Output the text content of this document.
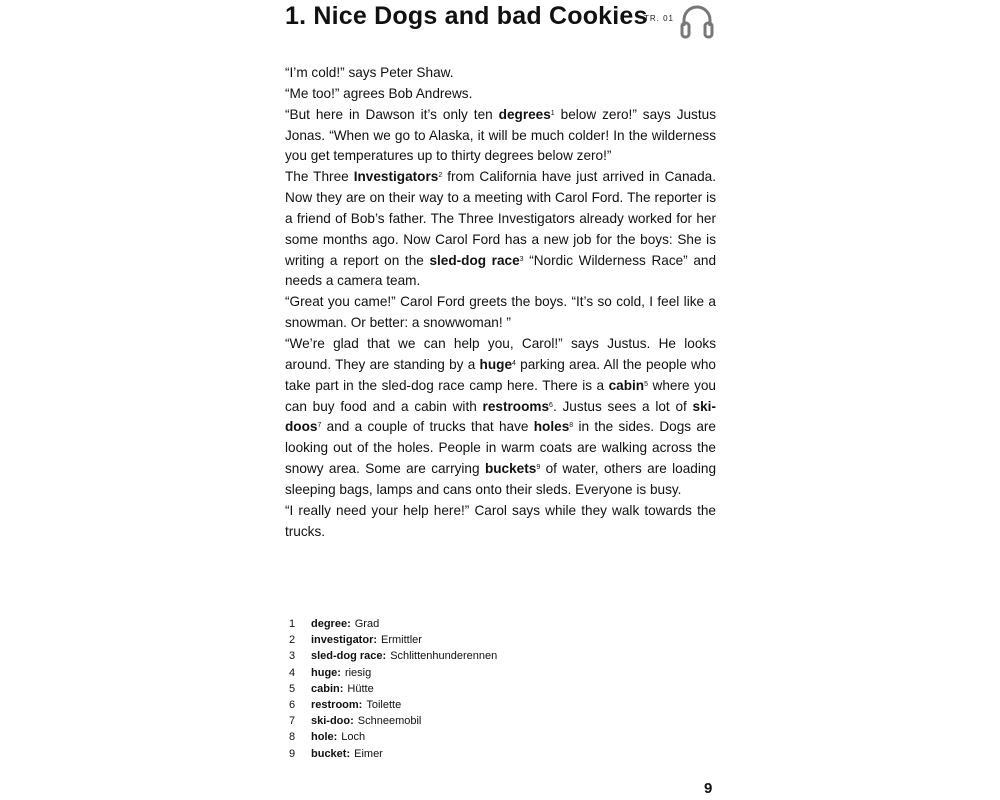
1. Nice Dogs and bad Cookies
TR. 01

“I’m cold!” says Peter Shaw.

“Me too!” agrees Bob Andrews.

“But here in Dawson it’s only ten degrees$^1$ below zero!” says Justus Jonas. “When we go to Alaska, it will be much colder! In the wilderness you get temperatures up to thirty degrees below zero!”

The Three Investigators$^2$ from California have just arrived in Canada. Now they are on their way to a meeting with Carol Ford. The reporter is a friend of Bob’s father. The Three Investigators already worked for her some months ago. Now Carol Ford has a new job for the boys: She is writing a report on the sled-dog race$^3$ “Nordic Wilderness Race” and needs a camera team.

“Great you came!” Carol Ford greets the boys. “It’s so cold, I feel like a snowman. Or better: a snowwoman! ”

“We’re glad that we can help you, Carol!” says Justus. He looks around. They are standing by a huge$^4$ parking area. All the people who take part in the sled-dog race camp here. There is a cabin$^5$ where you can buy food and a cabin with restrooms$^6$. Justus sees a lot of ski-doos$^7$ and a couple of trucks that have holes$^8$ in the sides. Dogs are looking out of the holes. People in warm coats are walking across the snowy area. Some are carrying buckets$^9$ of water, others are loading sleeping bags, lamps and cans onto their sleds. Everyone is busy.

“I really need your help here!” Carol says while they walk towards the trucks.

1	degree: Grad
2	investigator: Ermittler
3	sled-dog race: Schlittenhunderennen
4	huge: riesig
5	cabin: Hütte
6	restroom: Toilette
7	ski-doo: Schneemobil
8	hole: Loch
9	bucket: Eimer
9
